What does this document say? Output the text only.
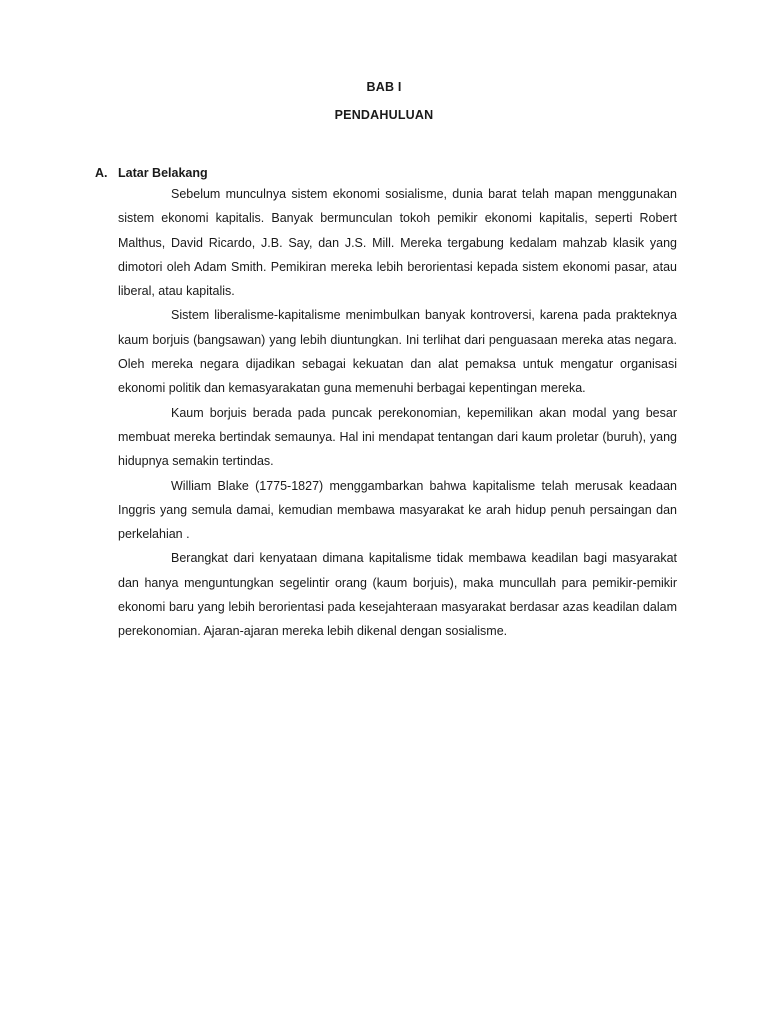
BAB I
PENDAHULUAN
A. Latar Belakang

Sebelum munculnya sistem ekonomi sosialisme, dunia barat telah mapan menggunakan sistem ekonomi kapitalis. Banyak bermunculan tokoh pemikir ekonomi kapitalis, seperti Robert Malthus, David Ricardo, J.B. Say, dan J.S. Mill. Mereka tergabung kedalam mahzab klasik yang dimotori oleh Adam Smith. Pemikiran mereka lebih berorientasi kepada sistem ekonomi pasar, atau liberal, atau kapitalis.

Sistem liberalisme-kapitalisme menimbulkan banyak kontroversi, karena pada prakteknya kaum borjuis (bangsawan) yang lebih diuntungkan. Ini terlihat dari penguasaan mereka atas negara. Oleh mereka negara dijadikan sebagai kekuatan dan alat pemaksa untuk mengatur organisasi ekonomi politik dan kemasyarakatan guna memenuhi berbagai kepentingan mereka.

Kaum borjuis berada pada puncak perekonomian, kepemilikan akan modal yang besar membuat mereka bertindak semaunya. Hal ini mendapat tentangan dari kaum proletar (buruh), yang hidupnya semakin tertindas.

William Blake (1775-1827) menggambarkan bahwa kapitalisme telah merusak keadaan Inggris yang semula damai, kemudian membawa masyarakat ke arah hidup penuh persaingan dan perkelahian .

Berangkat dari kenyataan dimana kapitalisme tidak membawa keadilan bagi masyarakat dan hanya menguntungkan segelintir orang (kaum borjuis), maka muncullah para pemikir-pemikir ekonomi baru yang lebih berorientasi pada kesejahteraan masyarakat berdasar azas keadilan dalam perekonomian. Ajaran-ajaran mereka lebih dikenal dengan sosialisme.
